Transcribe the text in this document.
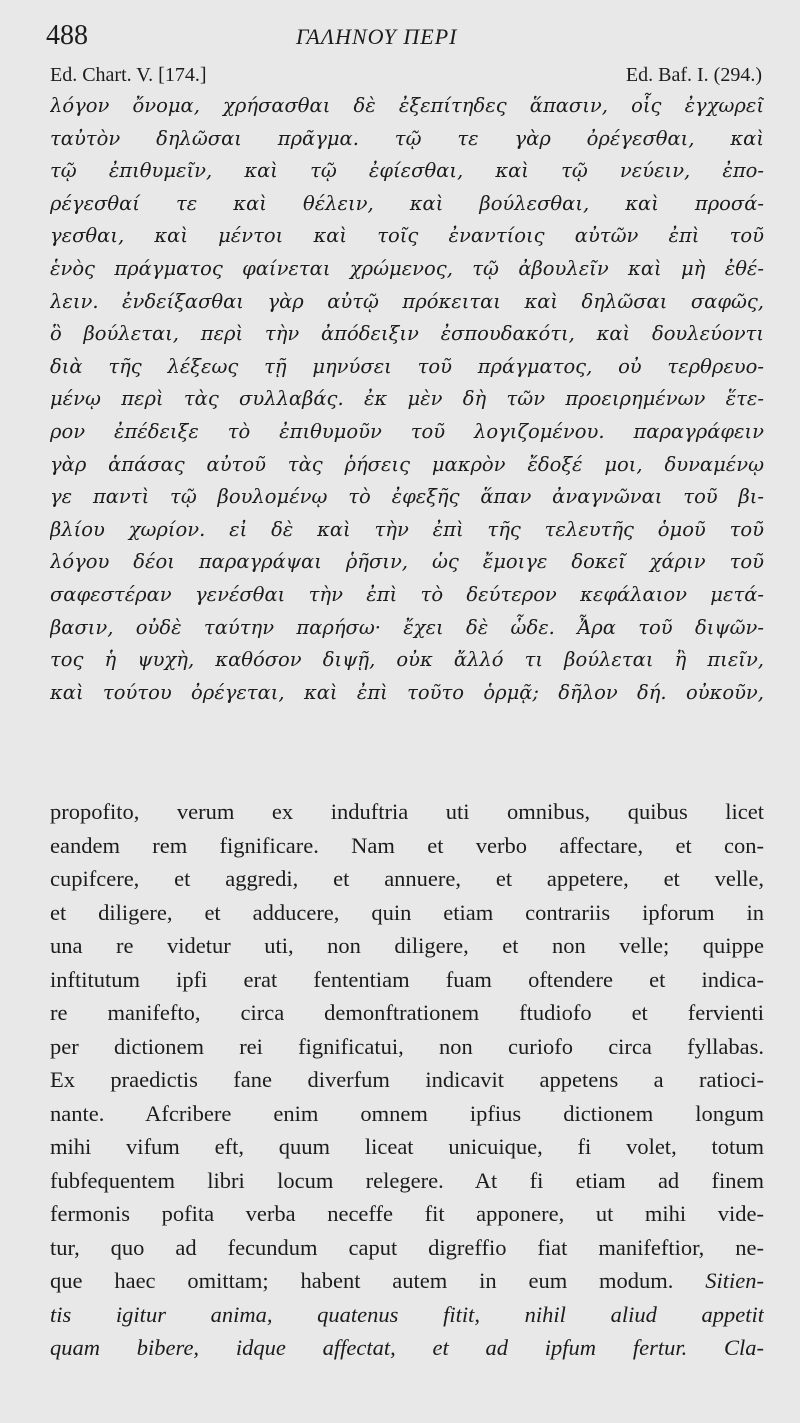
488	ΓΑΛΗΝΟΥ ΠΕΡΙ
Ed. Chart. V. [174.]	Ed. Baf. I. (294.)
λόγον ὄνομα, χρήσασθαι δὲ ἐξεπίτηδες ἅπασιν, οἷς ἐγχωρεῖ
ταὐτὸν δηλῶσαι πρᾶγμα. τῷ τε γὰρ ὀρέγεσθαι, καὶ
τῷ ἐπιθυμεῖν, καὶ τῷ ἐφίεσθαι, καὶ τῷ νεύειν, ἐπο-
ρέγεσθαί τε καὶ θέλειν, καὶ βούλεσθαι, καὶ προσά-
γεσθαι, καὶ μέντοι καὶ τοῖς ἐναντίοις αὐτῶν ἐπὶ τοῦ
ἑνὸς πράγματος φαίνεται χρώμενος, τῷ ἀβουλεῖν καὶ μὴ ἐθέ-
λειν. ἐνδείξασθαι γὰρ αὐτῷ πρόκειται καὶ δηλῶσαι σαφῶς,
ὃ βούλεται, περὶ τὴν ἀπόδειξιν ἐσπουδακότι, καὶ δουλεύοντι
διὰ τῆς λέξεως τῇ μηνύσει τοῦ πράγματος, οὐ τερθρευο-
μένῳ περὶ τὰς συλλαβάς. ἐκ μὲν δὴ τῶν προειρημένων ἕτε-
ρον ἐπέδειξε τὸ ἐπιθυμοῦν τοῦ λογιζομένου. παραγράφειν
γὰρ ἁπάσας αὐτοῦ τὰς ῥήσεις μακρὸν ἔδοξέ μοι, δυναμένῳ
γε παντὶ τῷ βουλομένῳ τὸ ἐφεξῆς ἅπαν ἀναγνῶναι τοῦ βι-
βλίου χωρίον. εἰ δὲ καὶ τὴν ἐπὶ τῆς τελευτῆς ὁμοῦ τοῦ
λόγου δέοι παραγράψαι ῥῆσιν, ὡς ἔμοιγε δοκεῖ χάριν τοῦ
σαφεστέραν γενέσθαι τὴν ἐπὶ τὸ δεύτερον κεφάλαιον μετά-
βασιν, οὐδὲ ταύτην παρήσω· ἔχει δὲ ὧδε. Ἆρα τοῦ διψῶν-
τος ἡ ψυχὴ, καθόσον διψῇ, οὐκ ἄλλό τι βούλεται ἢ πιεῖν,
καὶ τούτου ὀρέγεται, καὶ ἐπὶ τοῦτο ὁρμᾷ; δῆλον δή. οὐκοῦν,
propofito, verum ex induftria uti omnibus, quibus licet
eandem rem fignificare. Nam et verbo affectare, et con-
cupifcere, et aggredi, et annuere, et appetere, et velle,
et diligere, et adducere, quin etiam contrariis ipforum in
una re videtur uti, non diligere, et non velle; quippe
inftitutum ipfi erat fententiam fuam oftendere et indica-
re manifefto, circa demonftrationem ftudiofo et fervienti
per dictionem rei fignificatui, non curiofo circa fyllabas.
Ex praedictis fane diverfum indicavit appetens a ratioci-
nante. Afcribere enim omnem ipfius dictionem longum
mihi vifum eft, quum liceat unicuique, fi volet, totum
fubfequentem libri locum relegere. At fi etiam ad finem
fermonis pofita verba neceffe fit apponere, ut mihi vide-
tur, quo ad fecundum caput digreffio fiat manifeftior, ne-
que haec omittam; habent autem in eum modum. Sitien-
tis igitur anima, quatenus fitit, nihil aliud appetit
quam bibere, idque affectat, et ad ipfum fertur. Cla-
